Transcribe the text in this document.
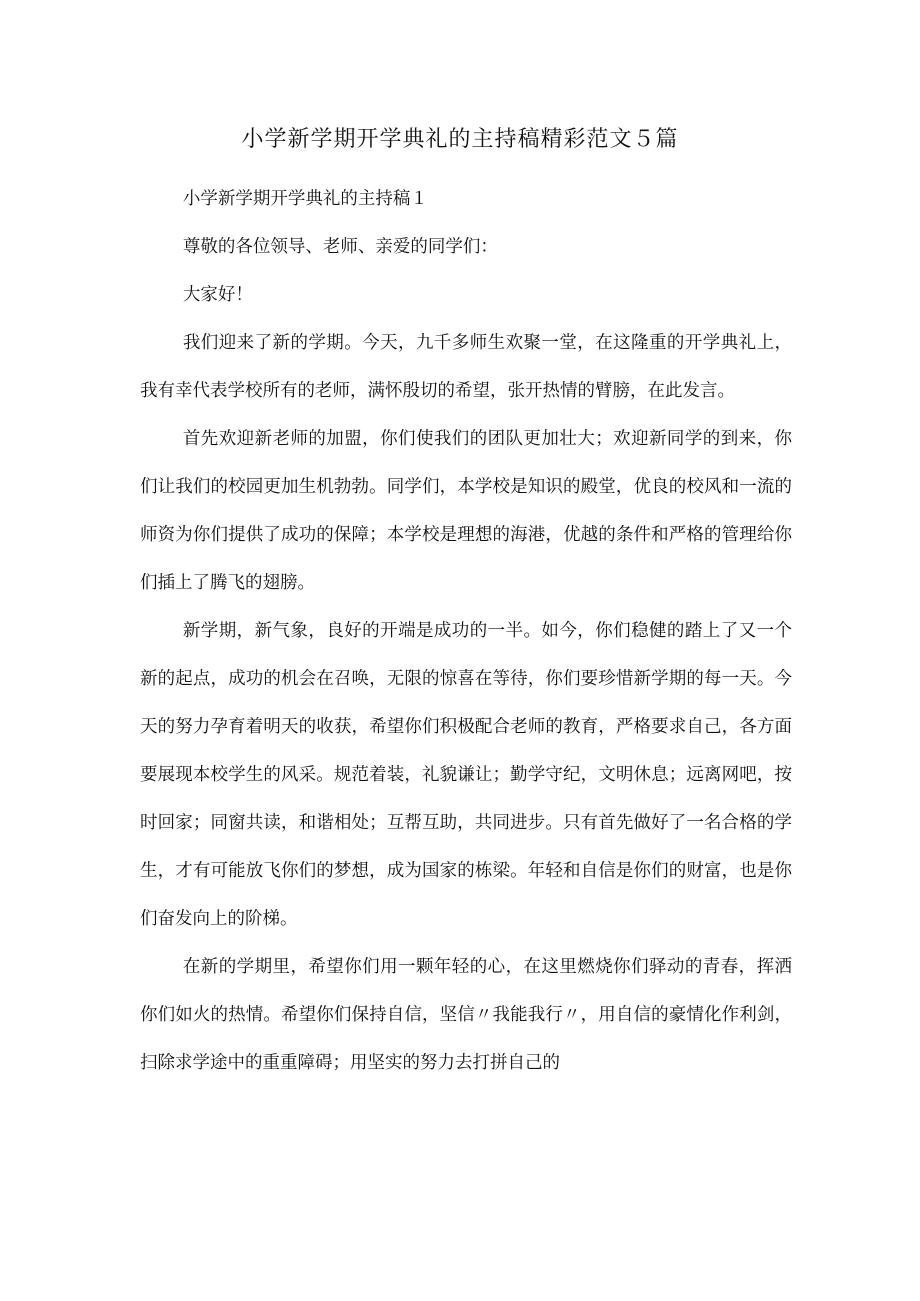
小学新学期开学典礼的主持稿精彩范文５篇

小学新学期开学典礼的主持稿１

尊敬的各位领导、老师、亲爱的同学们：

大家好！

我们迎来了新的学期。今天，九千多师生欢聚一堂，在这隆重的开学典礼上，我有幸代表学校所有的老师，满怀殷切的希望，张开热情的臂膀，在此发言。

首先欢迎新老师的加盟，你们使我们的团队更加壮大；欢迎新同学的到来，你们让我们的校园更加生机勃勃。同学们，本学校是知识的殿堂，优良的校风和一流的师资为你们提供了成功的保障；本学校是理想的海港，优越的条件和严格的管理给你们插上了腾飞的翅膀。

新学期，新气象，良好的开端是成功的一半。如今，你们稳健的踏上了又一个新的起点，成功的机会在召唤，无限的惊喜在等待，你们要珍惜新学期的每一天。今天的努力孕育着明天的收获，希望你们积极配合老师的教育，严格要求自己，各方面要展现本校学生的风采。规范着装，礼貌谦让；勤学守纪，文明休息；远离网吧，按时回家；同窗共读，和谐相处；互帮互助，共同进步。只有首先做好了一名合格的学生，才有可能放飞你们的梦想，成为国家的栋梁。年轻和自信是你们的财富，也是你们奋发向上的阶梯。

在新的学期里，希望你们用一颗年轻的心，在这里燃烧你们驿动的青春，挥洒你们如火的热情。希望你们保持自信，坚信〃我能我行〃，用自信的豪情化作利剑，扫除求学途中的重重障碍；用坚实的努力去打拼自己的
